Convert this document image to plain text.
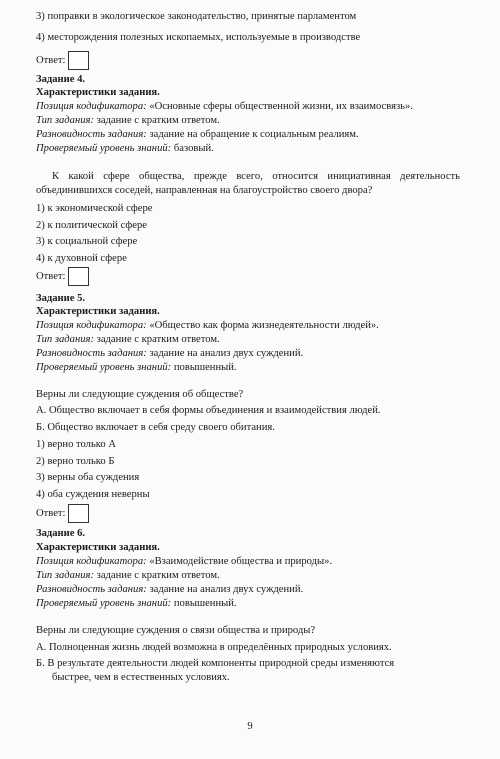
3) поправки в экологическое законодательство, принятые парламентом
4) месторождения полезных ископаемых, используемые в производстве
Ответ:
Задание 4.
Характеристики задания.
Позиция кодификатора: «Основные сферы общественной жизни, их взаимосвязь».
Тип задания: задание с кратким ответом.
Разновидность задания: задание на обращение к социальным реалиям.
Проверяемый уровень знаний: базовый.
К какой сфере общества, прежде всего, относится инициативная деятельность
объединившихся соседей, направленная на благоустройство своего двора?
1) к экономической сфере
2) к политической сфере
3) к социальной сфере
4) к духовной сфере
Ответ:
Задание 5.
Характеристики задания.
Позиция кодификатора: «Общество как форма жизнедеятельности людей».
Тип задания: задание с кратким ответом.
Разновидность задания: задание на анализ двух суждений.
Проверяемый уровень знаний: повышенный.
Верны ли следующие суждения об обществе?
А. Общество включает в себя формы объединения и взаимодействия людей.
Б. Общество включает в себя среду своего обитания.
1) верно только А
2) верно только Б
3) верны оба суждения
4) оба суждения неверны
Ответ:
Задание 6.
Характеристики задания.
Позиция кодификатора: «Взаимодействие общества и природы».
Тип задания: задание с кратким ответом.
Разновидность задания: задание на анализ двух суждений.
Проверяемый уровень знаний: повышенный.
Верны ли следующие суждения о связи общества и природы?
А. Полноценная жизнь людей возможна в определённых природных условиях.
Б. В результате деятельности людей компоненты природной среды изменяются
быстрее, чем в естественных условиях.
9
